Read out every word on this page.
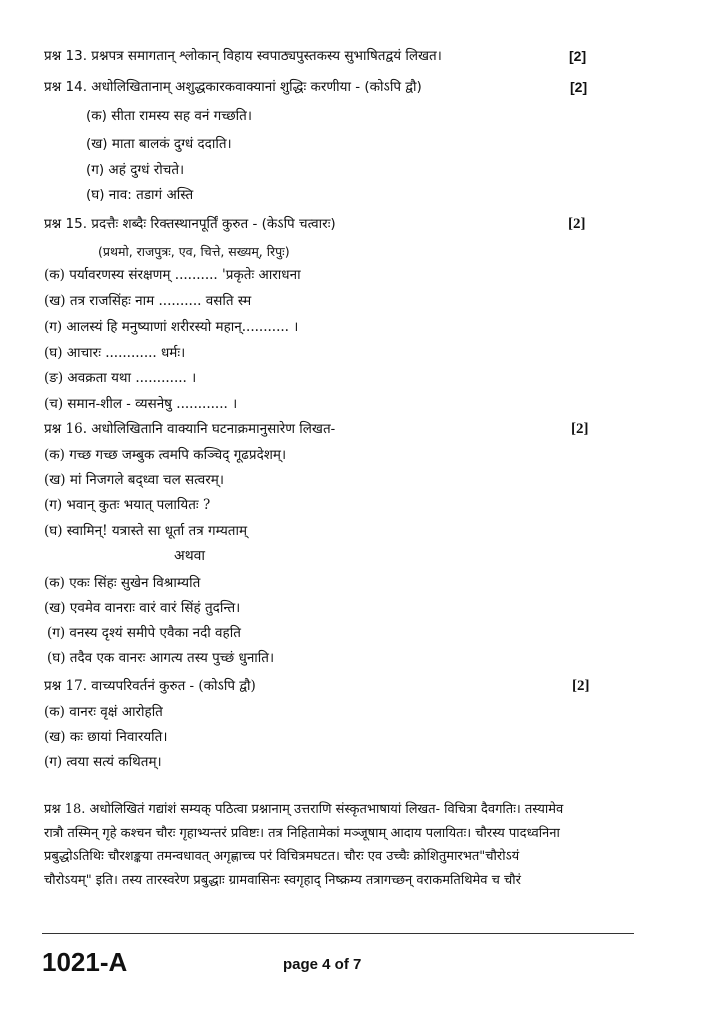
प्रश्न 13. प्रश्नपत्र समागतान् श्लोकान् विहाय स्वपाठ्यपुस्तकस्य सुभाषितद्वयं लिखत।	[2]
प्रश्न 14. अधोलिखितानाम् अशुद्धकारकवाक्यानां शुद्धिः करणीया - (कोऽपि द्वौ)	[2]
(क) सीता रामस्य सह वनं गच्छति।
(ख) माता बालकं दुग्धं ददाति।
(ग) अहं दुग्धं रोचते।
(घ) नाव: तडागं अस्ति
प्रश्न 15. प्रदत्तैः शब्दैः रिक्तस्थानपूर्तिं कुरुत - (केऽपि चत्वारः)	[2]
(प्रथमो, राजपुत्रः, एव, चित्ते, सख्यम्, रिपुः)
(क) पर्यावरणस्य संरक्षणम् .......... 'प्रकृतेः आराधना
(ख) तत्र राजसिंहः नाम .......... वसति स्म
(ग) आलस्यं हि मनुष्याणां शरीरस्यो महान्........... ।
(घ) आचारः ............ धर्मः।
(ङ) अवक्रता यथा ............ ।
(च) समान-शील - व्यसनेषु ............ ।
प्रश्न 16. अधोलिखितानि वाक्यानि घटनाक्रमानुसारेण लिखत-	[2]
(क) गच्छ गच्छ जम्बुक त्वमपि कञ्चिद् गूढप्रदेशम्।
(ख) मां निजगले बद्ध्वा चल सत्वरम्।
(ग) भवान् कुतः भयात् पलायितः ?
(घ) स्वामिन्! यत्रास्ते सा धूर्ता तत्र गम्यताम्
अथवा
(क) एकः सिंहः सुखेन विश्राम्यति
(ख) एवमेव वानराः वारं वारं सिंहं तुदन्ति।
(ग) वनस्य दृश्यं समीपे एवैका नदी वहति
(घ) तदैव एक वानरः आगत्य तस्य पुच्छं धुनाति।
प्रश्न 17. वाच्यपरिवर्तनं कुरुत - (कोऽपि द्वौ)	[2]
(क) वानरः वृक्षं आरोहति
(ख) कः छायां निवारयति।
(ग) त्वया सत्यं कथितम्।
प्रश्न 18. अधोलिखितं गद्यांशं सम्यक् पठित्वा प्रश्नानाम् उत्तराणि संस्कृतभाषायां लिखत- विचित्रा दैवगतिः। तस्यामेव
रात्रौ तस्मिन् गृहे कश्चन चौरः गृहाभ्यन्तरं प्रविष्टः। तत्र निहितामेकां मञ्जूषाम् आदाय पलायितः। चौरस्य पादध्वनिना
प्रबुद्धोऽतिथिः चौरशङ्कया तमन्वधावत् अगृह्णाच्च परं विचित्रमघटत। चौरः एव उच्चैः क्रोशितुमारभत"चौरोऽयं
चौरोऽयम्" इति। तस्य तारस्वरेण प्रबुद्धाः ग्रामवासिनः स्वगृहाद् निष्क्रम्य तत्रागच्छन् वराकमतिथिमेव च चौरं
1021-A	page 4 of 7
